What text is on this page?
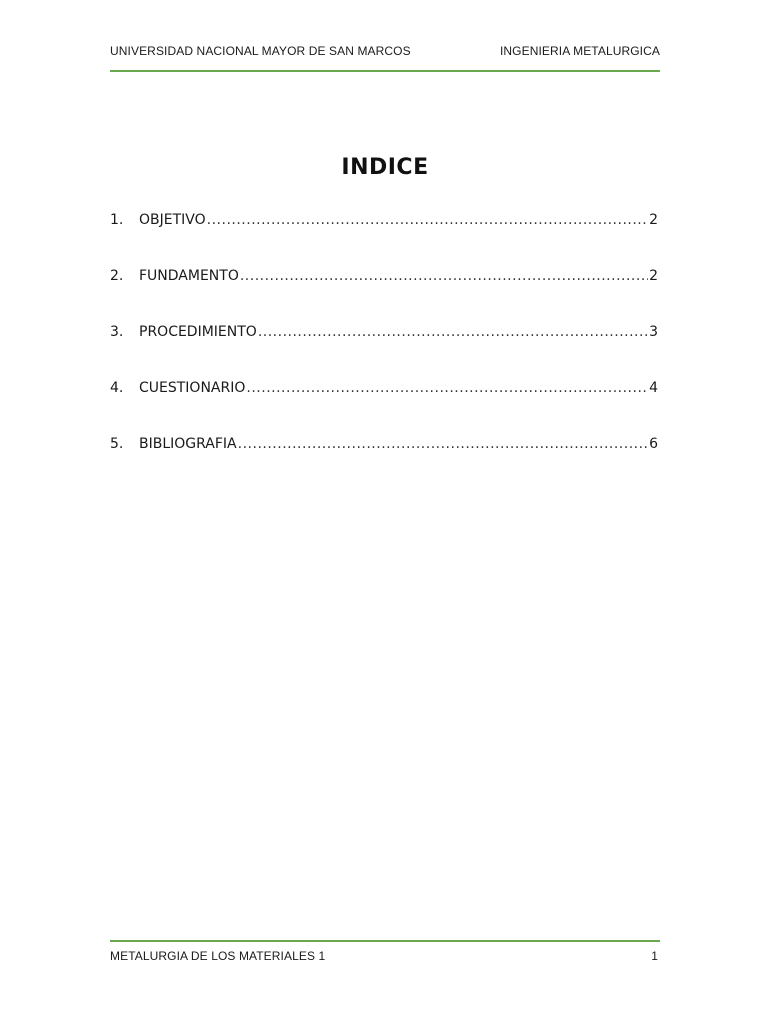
UNIVERSIDAD NACIONAL MAYOR DE SAN MARCOS	INGENIERIA METALURGICA
INDICE
1.	OBJETIVO .....	2
2.	FUNDAMENTO .....	2
3.	PROCEDIMIENTO .....	3
4.	CUESTIONARIO .....	4
5.	BIBLIOGRAFIA .....	6
METALURGIA DE LOS MATERIALES 1	1
